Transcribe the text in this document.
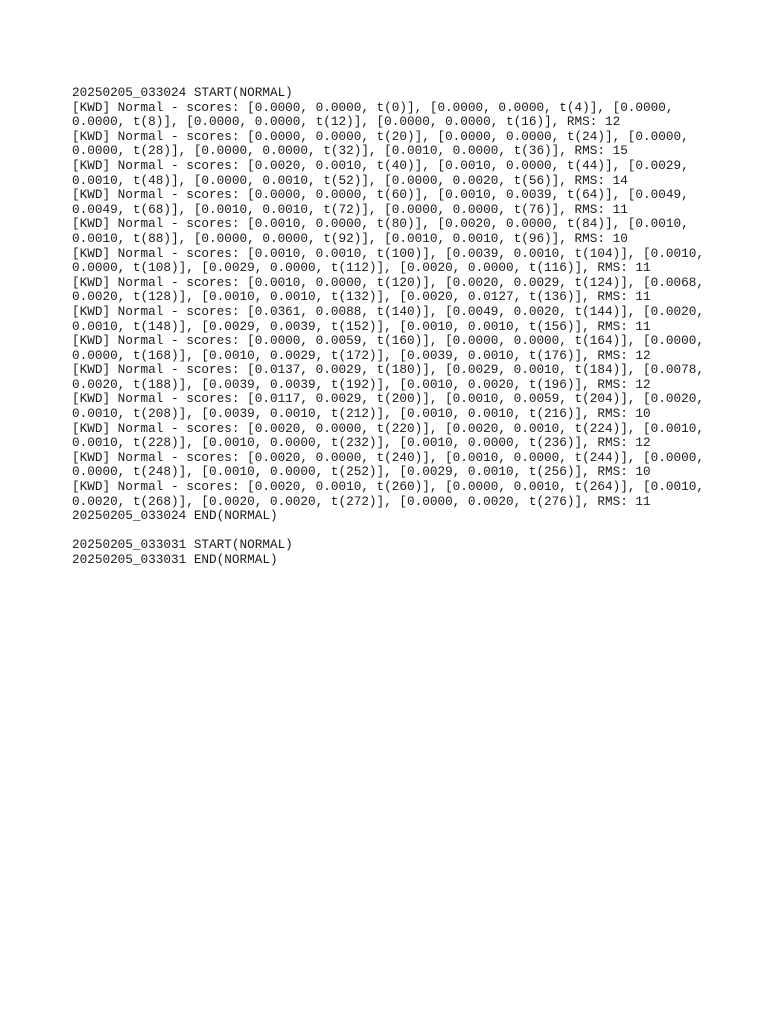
20250205_033024 START(NORMAL)
[KWD] Normal - scores: [0.0000, 0.0000, t(0)], [0.0000, 0.0000, t(4)], [0.0000,
0.0000, t(8)], [0.0000, 0.0000, t(12)], [0.0000, 0.0000, t(16)], RMS: 12
[KWD] Normal - scores: [0.0000, 0.0000, t(20)], [0.0000, 0.0000, t(24)], [0.0000,
0.0000, t(28)], [0.0000, 0.0000, t(32)], [0.0010, 0.0000, t(36)], RMS: 15
[KWD] Normal - scores: [0.0020, 0.0010, t(40)], [0.0010, 0.0000, t(44)], [0.0029,
0.0010, t(48)], [0.0000, 0.0010, t(52)], [0.0000, 0.0020, t(56)], RMS: 14
[KWD] Normal - scores: [0.0000, 0.0000, t(60)], [0.0010, 0.0039, t(64)], [0.0049,
0.0049, t(68)], [0.0010, 0.0010, t(72)], [0.0000, 0.0000, t(76)], RMS: 11
[KWD] Normal - scores: [0.0010, 0.0000, t(80)], [0.0020, 0.0000, t(84)], [0.0010,
0.0010, t(88)], [0.0000, 0.0000, t(92)], [0.0010, 0.0010, t(96)], RMS: 10
[KWD] Normal - scores: [0.0010, 0.0010, t(100)], [0.0039, 0.0010, t(104)], [0.0010,
0.0000, t(108)], [0.0029, 0.0000, t(112)], [0.0020, 0.0000, t(116)], RMS: 11
[KWD] Normal - scores: [0.0010, 0.0000, t(120)], [0.0020, 0.0029, t(124)], [0.0068,
0.0020, t(128)], [0.0010, 0.0010, t(132)], [0.0020, 0.0127, t(136)], RMS: 11
[KWD] Normal - scores: [0.0361, 0.0088, t(140)], [0.0049, 0.0020, t(144)], [0.0020,
0.0010, t(148)], [0.0029, 0.0039, t(152)], [0.0010, 0.0010, t(156)], RMS: 11
[KWD] Normal - scores: [0.0000, 0.0059, t(160)], [0.0000, 0.0000, t(164)], [0.0000,
0.0000, t(168)], [0.0010, 0.0029, t(172)], [0.0039, 0.0010, t(176)], RMS: 12
[KWD] Normal - scores: [0.0137, 0.0029, t(180)], [0.0029, 0.0010, t(184)], [0.0078,
0.0020, t(188)], [0.0039, 0.0039, t(192)], [0.0010, 0.0020, t(196)], RMS: 12
[KWD] Normal - scores: [0.0117, 0.0029, t(200)], [0.0010, 0.0059, t(204)], [0.0020,
0.0010, t(208)], [0.0039, 0.0010, t(212)], [0.0010, 0.0010, t(216)], RMS: 10
[KWD] Normal - scores: [0.0020, 0.0000, t(220)], [0.0020, 0.0010, t(224)], [0.0010,
0.0010, t(228)], [0.0010, 0.0000, t(232)], [0.0010, 0.0000, t(236)], RMS: 12
[KWD] Normal - scores: [0.0020, 0.0000, t(240)], [0.0010, 0.0000, t(244)], [0.0000,
0.0000, t(248)], [0.0010, 0.0000, t(252)], [0.0029, 0.0010, t(256)], RMS: 10
[KWD] Normal - scores: [0.0020, 0.0010, t(260)], [0.0000, 0.0010, t(264)], [0.0010,
0.0020, t(268)], [0.0020, 0.0020, t(272)], [0.0000, 0.0020, t(276)], RMS: 11
20250205_033024 END(NORMAL)
20250205_033031 START(NORMAL)
20250205_033031 END(NORMAL)
